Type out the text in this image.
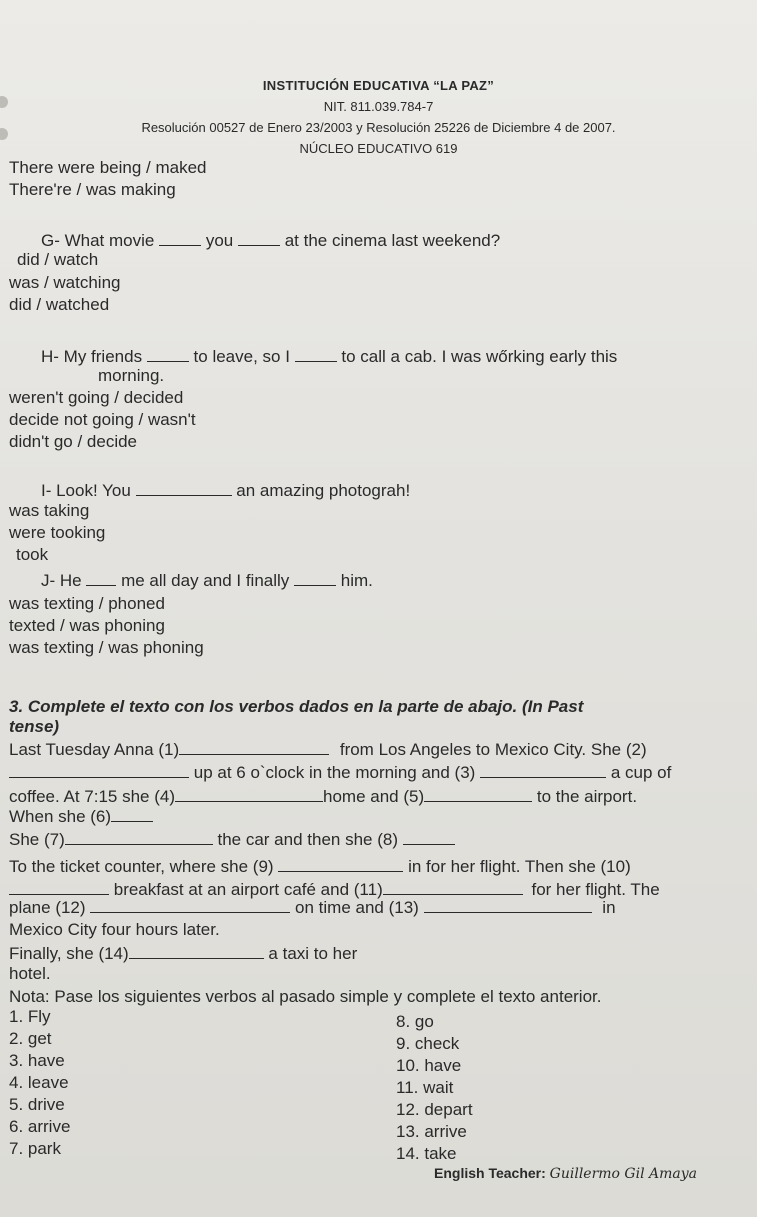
INSTITUCIÓN EDUCATIVA “LA PAZ”
NIT. 811.039.784-7
Resolución 00527 de Enero 23/2003 y Resolución 25226 de Diciembre 4 de 2007.
NÚCLEO EDUCATIVO 619
There were being / maked
There're / was making
G- What movie	you	at the cinema last weekend?
did / watch
was / watching
did / watched
H- My friends	to leave, so I	to call a cab. I was wőrking early this
morning.
weren't going / decided
decide not going / wasn't
didn't go / decide
I- Look! You	an amazing photograh!
was taking
were tooking
took
J- He me all day and I finally	him.
was texting / phoned
texted / was phoning
was texting / was phoning
3. Complete el texto con los verbos dados en la parte de abajo. (In Past
tense)
Last Tuesday Anna (1)	from Los Angeles to Mexico City. She (2)
up at 6 o`clock in the morning and (3)	a cup of
coffee. At 7:15 she (4)	home and (5)	to the airport.
When she (6)
She (7)	the car and then she (8)
To the ticket counter, where she (9)	in for her flight. Then she (10)
breakfast at an airport café and (11)	for her flight. The
plane (12)	on time and (13)	in
Mexico City four hours later.
Finally, she (14)	a taxi to her
hotel.
Nota: Pase los siguientes verbos al pasado simple y complete el texto anterior.
1. Fly
2. get
3. have
4. leave
5. drive
6. arrive
7. park
8. go
9. check
10. have
11. wait
12. depart
13. arrive
14. take
English Teacher: Guillermo Gil Amaya
